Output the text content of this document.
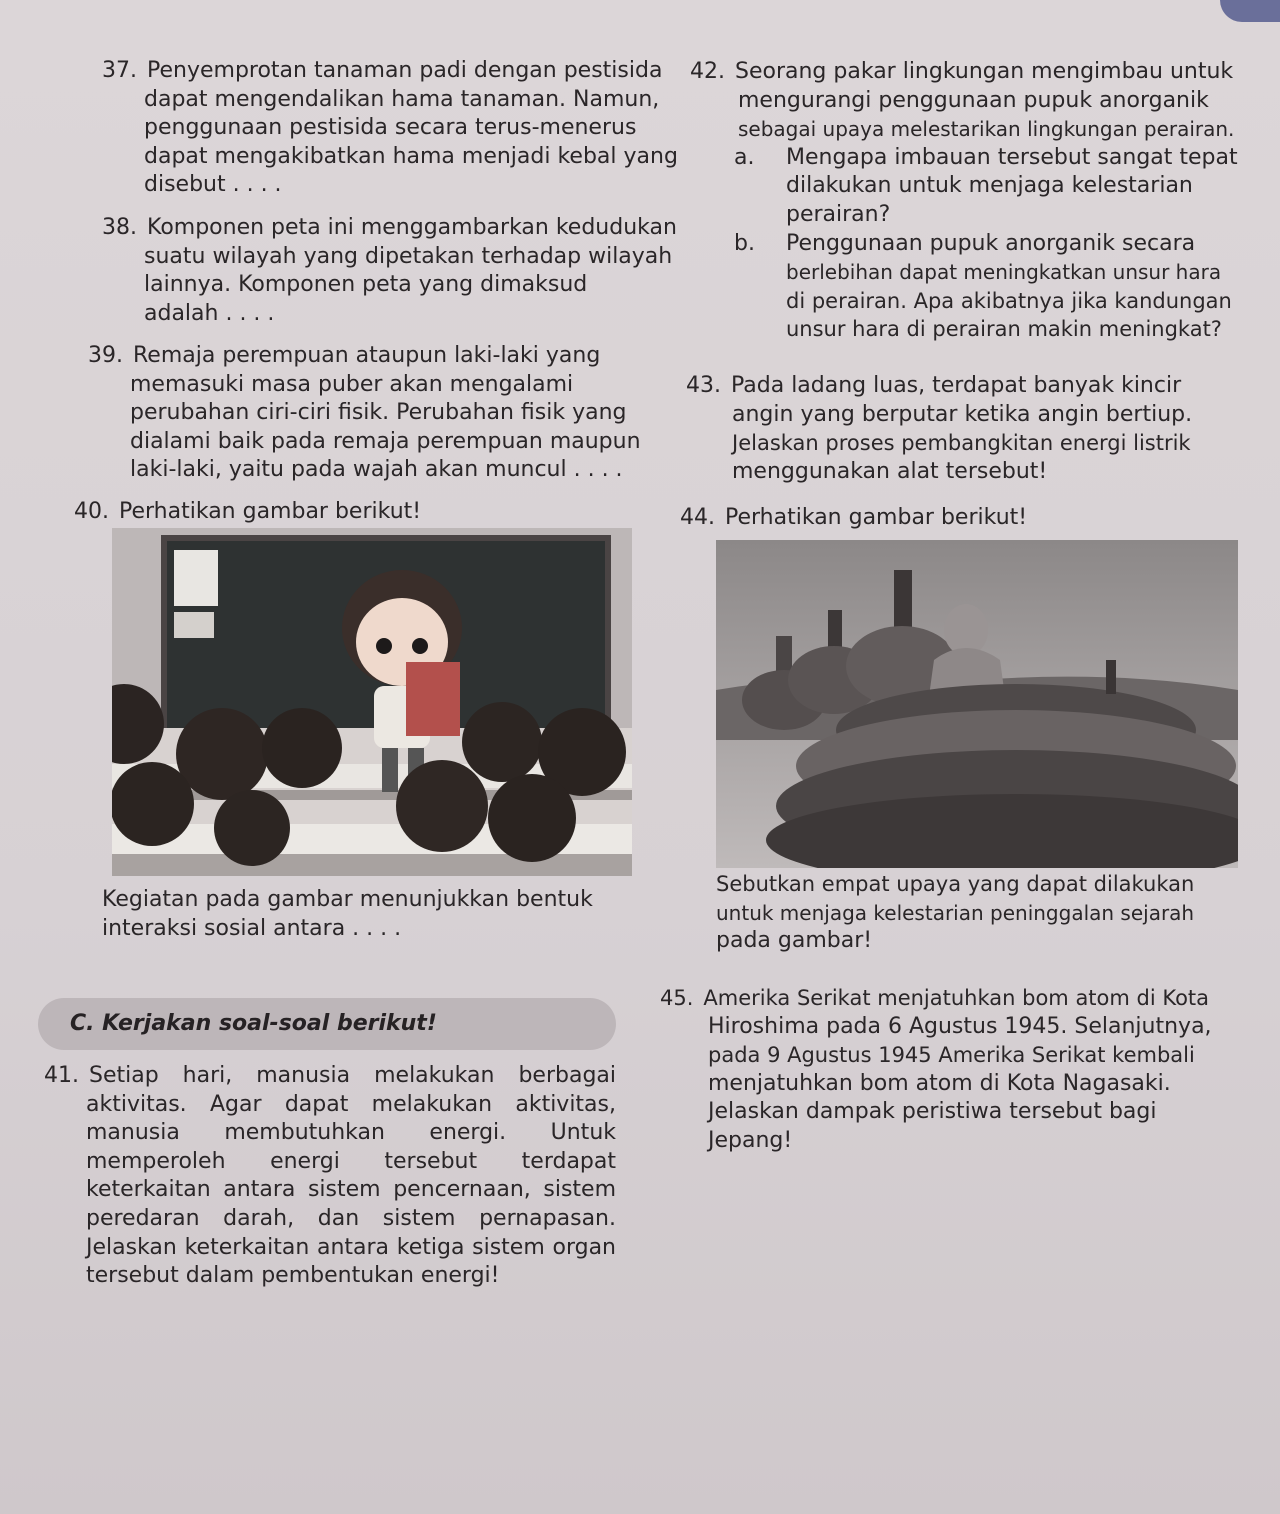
37. Penyemprotan tanaman padi dengan pestisida
dapat mengendalikan hama tanaman. Namun,
penggunaan pestisida secara terus-menerus
dapat mengakibatkan hama menjadi kebal yang
disebut . . . .
38. Komponen peta ini menggambarkan kedudukan
suatu wilayah yang dipetakan terhadap wilayah
lainnya. Komponen peta yang dimaksud
adalah . . . .
39. Remaja perempuan ataupun laki-laki yang
memasuki masa puber akan mengalami
perubahan ciri-ciri fisik. Perubahan fisik yang
dialami baik pada remaja perempuan maupun
laki-laki, yaitu pada wajah akan muncul . . . .
40. Perhatikan gambar berikut!
Kegiatan pada gambar menunjukkan bentuk
interaksi sosial antara . . . .
C. Kerjakan soal-soal berikut!
41. Setiap hari, manusia melakukan berbagai
aktivitas. Agar dapat melakukan aktivitas,
manusia membutuhkan energi. Untuk
memperoleh energi tersebut terdapat
keterkaitan antara sistem pencernaan, sistem
peredaran darah, dan sistem pernapasan.
Jelaskan keterkaitan antara ketiga sistem organ
tersebut dalam pembentukan energi!
42. Seorang pakar lingkungan mengimbau untuk
mengurangi penggunaan pupuk anorganik
sebagai upaya melestarikan lingkungan perairan.
a. Mengapa imbauan tersebut sangat tepat
dilakukan untuk menjaga kelestarian
perairan?
b. Penggunaan pupuk anorganik secara
berlebihan dapat meningkatkan unsur hara
di perairan. Apa akibatnya jika kandungan
unsur hara di perairan makin meningkat?
43. Pada ladang luas, terdapat banyak kincir
angin yang berputar ketika angin bertiup.
Jelaskan proses pembangkitan energi listrik
menggunakan alat tersebut!
44. Perhatikan gambar berikut!
Sebutkan empat upaya yang dapat dilakukan
untuk menjaga kelestarian peninggalan sejarah
pada gambar!
45. Amerika Serikat menjatuhkan bom atom di Kota
Hiroshima pada 6 Agustus 1945. Selanjutnya,
pada 9 Agustus 1945 Amerika Serikat kembali
menjatuhkan bom atom di Kota Nagasaki.
Jelaskan dampak peristiwa tersebut bagi
Jepang!
